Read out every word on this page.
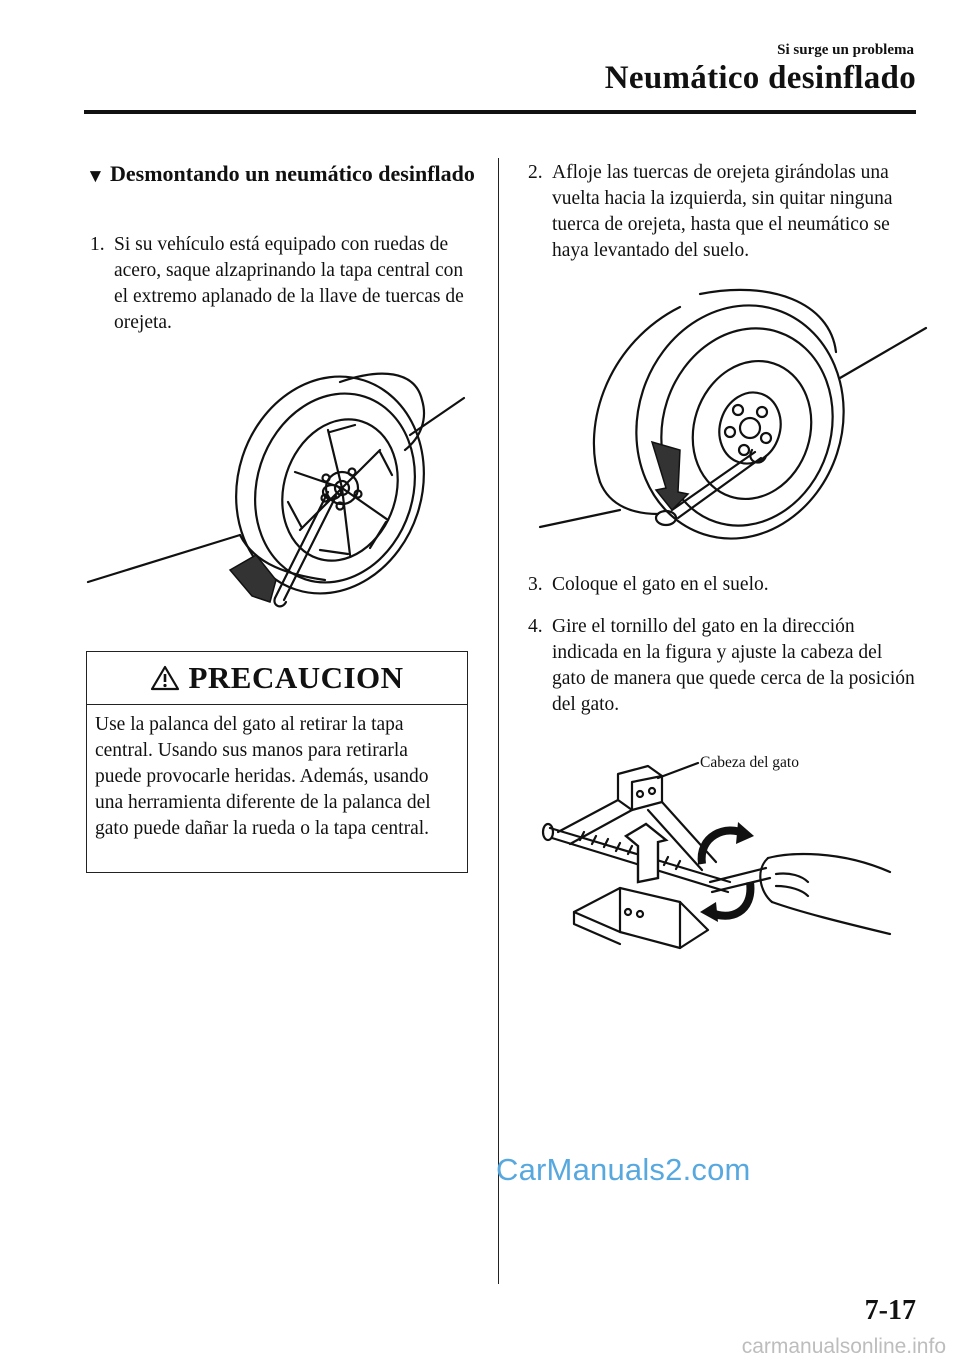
Si surge un problema
Neumático desinflado
▼ Desmontando un neumático desinflado
1. Si su vehículo está equipado con ruedas de acero, saque alzaprinando la tapa central con el extremo aplanado de la llave de tuercas de orejeta.
PRECAUCION
Use la palanca del gato al retirar la tapa central. Usando sus manos para retirarla puede provocarle heridas. Además, usando una herramienta diferente de la palanca del gato puede dañar la rueda o la tapa central.
2. Afloje las tuercas de orejeta girándolas una vuelta hacia la izquierda, sin quitar ninguna tuerca de orejeta, hasta que el neumático se haya levantado del suelo.
3. Coloque el gato en el suelo.
4. Gire el tornillo del gato en la dirección indicada en la figura y ajuste la cabeza del gato de manera que quede cerca de la posición del gato.
Cabeza del gato
CarManuals2.com
7-17
carmanualsonline.info
